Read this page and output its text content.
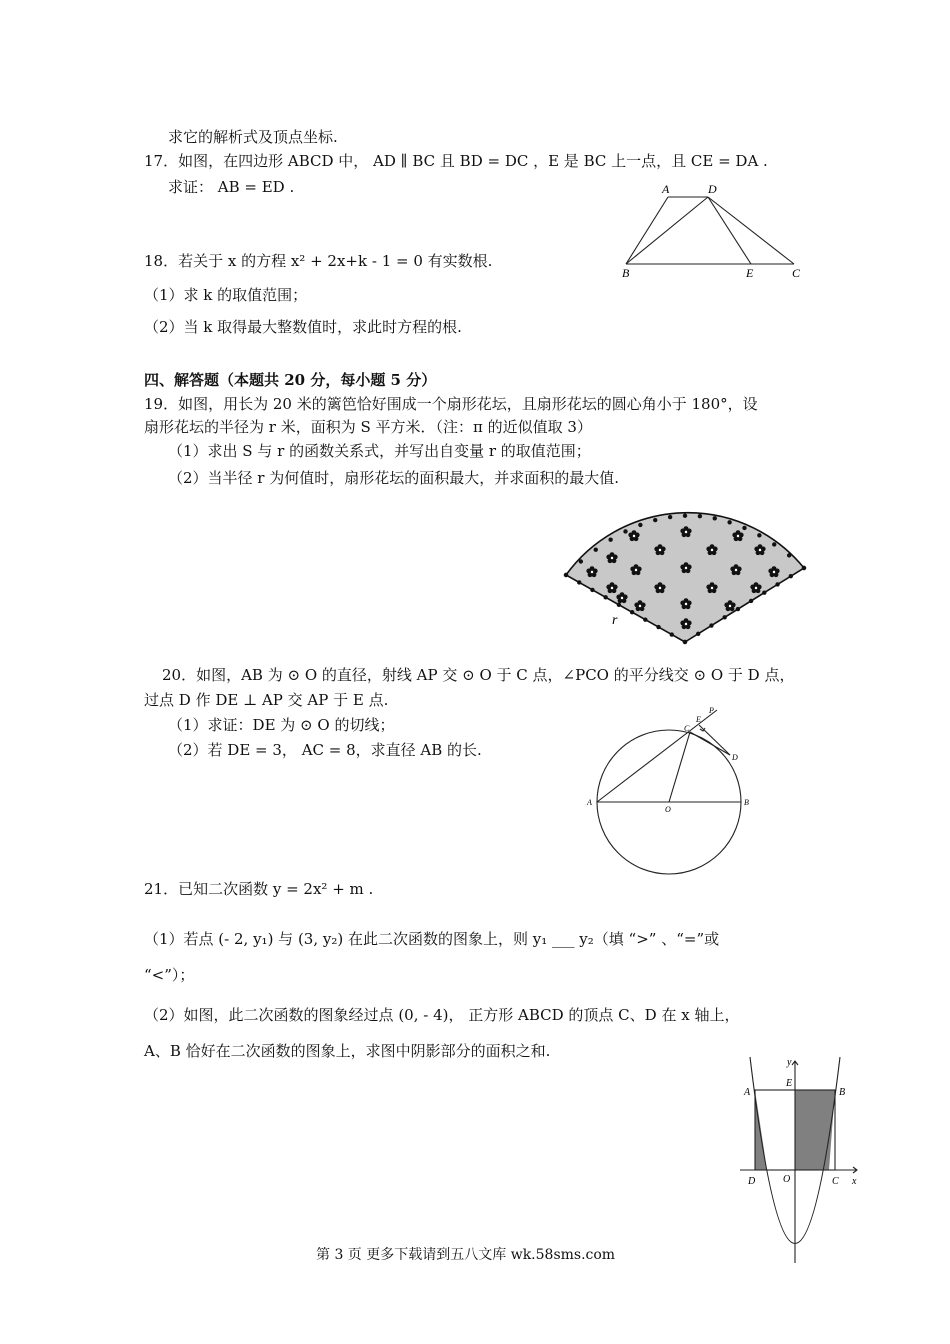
求它的解析式及顶点坐标.
17．如图，在四边形 ABCD 中， AD ∥ BC 且 BD = DC ，E 是 BC 上一点，且 CE = DA .
求证： AB = ED .	A	D
B	E	C
18．若关于 x 的方程 x² + 2x+k - 1 = 0 有实数根.
（1）求 k 的取值范围；
（2）当 k 取得最大整数值时，求此时方程的根.
四、解答题（本题共 20 分，每小题 5 分）
19．如图，用长为 20 米的篱笆恰好围成一个扇形花坛，且扇形花坛的圆心角小于 180°，设
扇形花坛的半径为 r 米，面积为 S 平方米．（注：π 的近似值取 3）
（1）求出 S 与 r 的函数关系式，并写出自变量 r 的取值范围；
（2）当半径 r 为何值时，扇形花坛的面积最大，并求面积的最大值.
r
20．如图，AB 为 ⊙ O 的直径，射线 AP 交 ⊙ O 于 C 点，∠PCO 的平分线交 ⊙ O 于 D 点，
过点 D 作 DE ⊥ AP 交 AP 于 E 点.
（1）求证：DE 为 ⊙ O 的切线；
（2）若 DE = 3， AC = 8，求直径 AB 的长.
P
E
C
D
A
O
B
21．已知二次函数 y = 2x² + m .
（1）若点 (- 2, y₁) 与 (3, y₂) 在此二次函数的图象上，则 y₁ ___ y₂（填 “>” 、“=”或
“<”）；
（2）如图，此二次函数的图象经过点 (0, - 4)， 正方形 ABCD 的顶点 C、D 在 x 轴上，
A、B 恰好在二次函数的图象上，求图中阴影部分的面积之和.
y
E
A	B
D	O	C x
第 3 页 更多下载请到五八文库 wk.58sms.com
